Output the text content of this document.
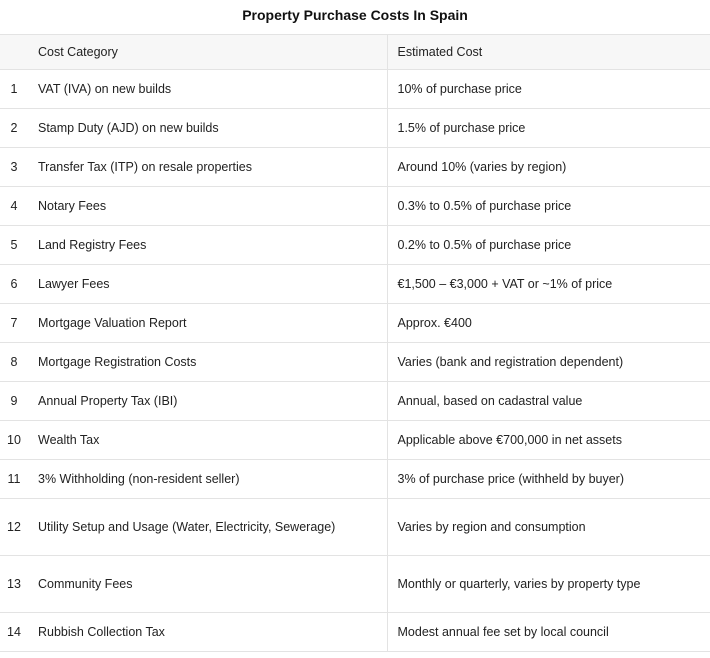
Property Purchase Costs In Spain
	Cost Category	Estimated Cost
1	VAT (IVA) on new builds	10% of purchase price
2	Stamp Duty (AJD) on new builds	1.5% of purchase price
3	Transfer Tax (ITP) on resale properties	Around 10% (varies by region)
4	Notary Fees	0.3% to 0.5% of purchase price
5	Land Registry Fees	0.2% to 0.5% of purchase price
6	Lawyer Fees	€1,500 – €3,000 + VAT or ~1% of price
7	Mortgage Valuation Report	Approx. €400
8	Mortgage Registration Costs	Varies (bank and registration dependent)
9	Annual Property Tax (IBI)	Annual, based on cadastral value
10	Wealth Tax	Applicable above €700,000 in net assets
11	3% Withholding (non-resident seller)	3% of purchase price (withheld by buyer)
12	Utility Setup and Usage (Water, Electricity, Sewerage)	Varies by region and consumption
13	Community Fees	Monthly or quarterly, varies by property type
14	Rubbish Collection Tax	Modest annual fee set by local council
